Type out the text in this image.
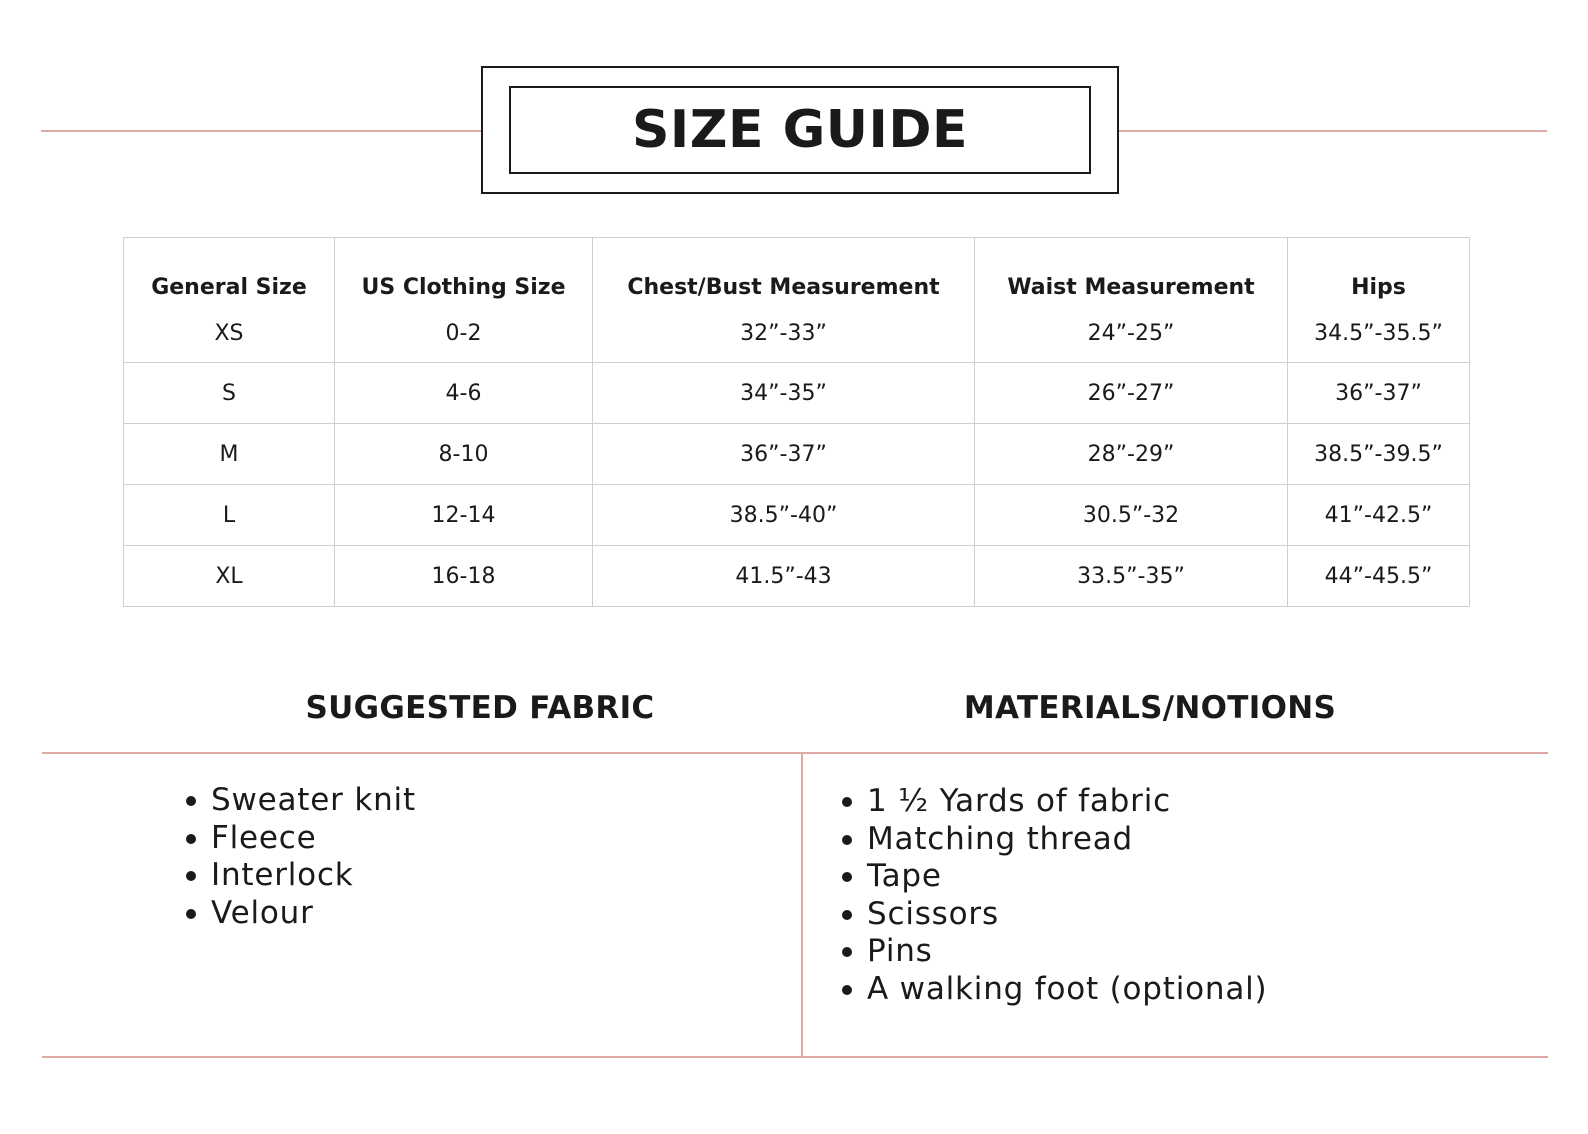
SIZE GUIDE
General Size	US Clothing Size	Chest/Bust Measurement	Waist Measurement	Hips
XS	0-2	32”-33”	24”-25”	34.5”-35.5”
S	4-6	34”-35”	26”-27”	36”-37”
M	8-10	36”-37”	28”-29”	38.5”-39.5”
L	12-14	38.5”-40”	30.5”-32	41”-42.5”
XL	16-18	41.5”-43	33.5”-35”	44”-45.5”
SUGGESTED FABRIC	MATERIALS/NOTIONS
Sweater knit
Fleece
Interlock
Velour
1 ½ Yards of fabric
Matching thread
Tape
Scissors
Pins
A walking foot (optional)
